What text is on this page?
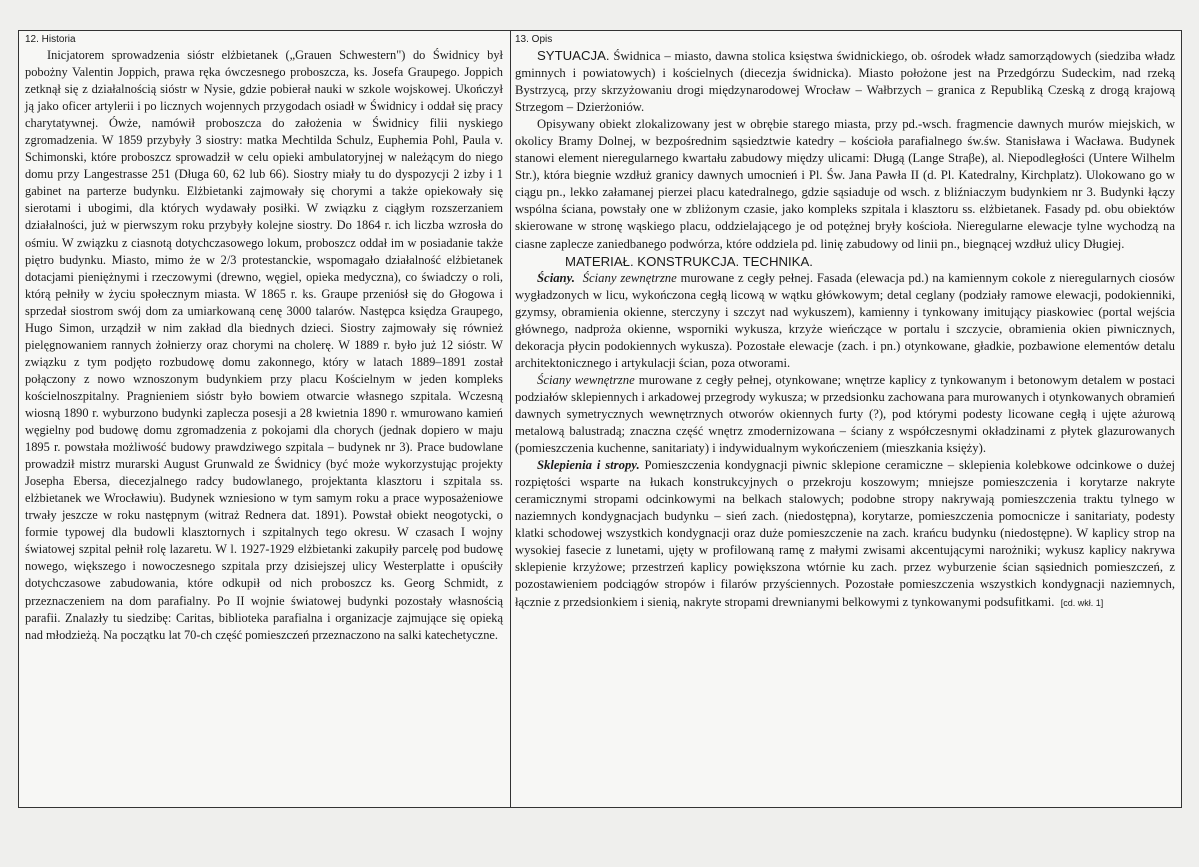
12. Historia

Inicjatorem sprowadzenia sióstr elżbietanek („Grauen Schwestern") do Świdnicy był pobożny Valentin Joppich, prawa ręka ówczesnego proboszcza, ks. Josefa Graupego. Joppich zetknął się z działalnością sióstr w Nysie, gdzie pobierał nauki w szkole wojskowej. Ukończył ją jako oficer artylerii i po licznych wojennych przygodach osiadł w Świdnicy i oddał się pracy charytatywnej. Ówże, namówił proboszcza do założenia w Świdnicy filii nyskiego zgromadzenia. W 1859 przybyły 3 siostry: matka Mechtilda Schulz, Euphemia Pohl, Paula v. Schimonski, które proboszcz sprowadził w celu opieki ambulatoryjnej w należącym do niego domu przy Langestrasse 251 (Długa 60, 62 lub 66). Siostry miały tu do dyspozycji 2 izby i 1 gabinet na parterze budynku. Elżbietanki zajmowały się chorymi a także opiekowały się sierotami i ubogimi, dla których wydawały posiłki. W związku z ciągłym rozszerzaniem działalności, już w pierwszym roku przybyły kolejne siostry. Do 1864 r. ich liczba wzrosła do ośmiu. W związku z ciasnotą dotychczasowego lokum, proboszcz oddał im w posiadanie także piętro budynku. Miasto, mimo że w 2/3 protestanckie, wspomagało działalność elżbietanek dotacjami pieniężnymi i rzeczowymi (drewno, węgiel, opieka medyczna), co świadczy o roli, którą pełniły w życiu społecznym miasta. W 1865 r. ks. Graupe przeniósł się do Głogowa i sprzedał siostrom swój dom za umiarkowaną cenę 3000 talarów. Następca księdza Graupego, Hugo Simon, urządził w nim zakład dla biednych dzieci. Siostry zajmowały się również pielęgnowaniem rannych żołnierzy oraz chorymi na cholerę. W 1889 r. było już 12 sióstr. W związku z tym podjęto rozbudowę domu zakonnego, który w latach 1889–1891 został połączony z nowo wznoszonym budynkiem przy placu Kościelnym w jeden kompleks kościelnoszpitalny. Pragnieniem sióstr było bowiem otwarcie własnego szpitala. Wczesną wiosną 1890 r. wyburzono budynki zaplecza posesji a 28 kwietnia 1890 r. wmurowano kamień węgielny pod budowę domu zgromadzenia z pokojami dla chorych (jednak dopiero w maju 1895 r. powstała możliwość budowy prawdziwego szpitala – budynek nr 3). Prace budowlane prowadził mistrz murarski August Grunwald ze Świdnicy (być może wykorzystując projekty Josepha Ebersa, diecezjalnego radcy budowlanego, projektanta klasztoru i szpitala ss. elżbietanek we Wrocławiu). Budynek wzniesiono w tym samym roku a prace wyposażeniowe trwały jeszcze w roku następnym (witraż Rednera dat. 1891). Powstał obiekt neogotycki, o formie typowej dla budowli klasztornych i szpitalnych tego okresu. W czasach I wojny światowej szpital pełnił rolę lazaretu. W l. 1927-1929 elżbietanki zakupiły parcelę pod budowę nowego, większego i nowoczesnego szpitala przy dzisiejszej ulicy Westerplatte i opuściły dotychczasowe zabudowania, które odkupił od nich proboszcz ks. Georg Schmidt, z przeznaczeniem na dom parafialny. Po II wojnie światowej budynki pozostały własnością parafii. Znalazły tu siedzibę: Caritas, biblioteka parafialna i organizacje zajmujące się opieką nad młodzieżą. Na początku lat 70-ch część pomieszczeń przeznaczono na salki katechetyczne.

13. Opis

SYTUACJA. Świdnica – miasto, dawna stolica księstwa świdnickiego, ob. ośrodek władz samorządowych (siedziba władz gminnych i powiatowych) i kościelnych (diecezja świdnicka). Miasto położone jest na Przedgórzu Sudeckim, nad rzeką Bystrzycą, przy skrzyżowaniu drogi międzynarodowej Wrocław – Wałbrzych – granica z Republiką Czeską z drogą krajową Strzegom – Dzierżoniów.

Opisywany obiekt zlokalizowany jest w obrębie starego miasta, przy pd.-wsch. fragmencie dawnych murów miejskich, w okolicy Bramy Dolnej, w bezpośrednim sąsiedztwie katedry – kościoła parafialnego św.św. Stanisława i Wacława. Budynek stanowi element nieregularnego kwartału zabudowy między ulicami: Długą (Lange Straβe), al. Niepodległości (Untere Wilhelm Str.), która biegnie wzdłuż granicy dawnych umocnień i Pl. Św. Jana Pawła II (d. Pl. Katedralny, Kirchplatz). Ulokowano go w ciągu pn., lekko załamanej pierzei placu katedralnego, gdzie sąsiaduje od wsch. z bliźniaczym budynkiem nr 3. Budynki łączy wspólna ściana, powstały one w zbliżonym czasie, jako kompleks szpitala i klasztoru ss. elżbietanek. Fasady pd. obu obiektów skierowane w stronę wąskiego placu, oddzielającego je od potężnej bryły kościoła. Nieregularne elewacje tylne wychodzą na ciasne zaplecze zaniedbanego podwórza, które oddziela pd. linię zabudowy od linii pn., biegnącej wzdłuż ulicy Długiej.

MATERIAŁ. KONSTRUKCJA. TECHNIKA.

Ściany. Ściany zewnętrzne murowane z cegły pełnej. Fasada (elewacja pd.) na kamiennym cokole z nieregularnych ciosów wygładzonych w licu, wykończona cegłą licową w wątku główkowym; detal ceglany (podziały ramowe elewacji, podokienniki, gzymsy, obramienia okienne, sterczyny i szczyt nad wykuszem), kamienny i tynkowany imitujący piaskowiec (portal wejścia głównego, nadproża okienne, wsporniki wykusza, krzyże wieńczące w portalu i szczycie, obramienia okien piwnicznych, dekoracja płycin podokiennych wykusza). Pozostałe elewacje (zach. i pn.) otynkowane, gładkie, pozbawione elementów detalu architektonicznego i artykulacji ścian, poza otworami.

Ściany wewnętrzne murowane z cegły pełnej, otynkowane; wnętrze kaplicy z tynkowanym i betonowym detalem w postaci podziałów sklepiennych i arkadowej przegrody wykusza; w przedsionku zachowana para murowanych i otynkowanych obramień dawnych symetrycznych wewnętrznych otworów okiennych furty (?), pod którymi podesty licowane cegłą i ujęte ażurową metalową balustradą; znaczna część wnętrz zmodernizowana – ściany z współczesnymi okładzinami z płytek glazurowanych (pomieszczenia kuchenne, sanitariaty) i indywidualnym wykończeniem (mieszkania księży).

Sklepienia i stropy. Pomieszczenia kondygnacji piwnic sklepione ceramiczne – sklepienia kolebkowe odcinkowe o dużej rozpiętości wsparte na łukach konstrukcyjnych o przekroju koszowym; mniejsze pomieszczenia i korytarze nakryte ceramicznymi stropami odcinkowymi na belkach stalowych; podobne stropy nakrywają pomieszczenia traktu tylnego w naziemnych kondygnacjach budynku – sień zach. (niedostępna), korytarze, pomieszczenia pomocnicze i sanitariaty, podesty klatki schodowej wszystkich kondygnacji oraz duże pomieszczenie na zach. krańcu budynku (niedostępne). W kaplicy strop na wysokiej fasecie z lunetami, ujęty w profilowaną ramę z małymi zwisami akcentującymi narożniki; wykusz kaplicy nakrywa sklepienie krzyżowe; przestrzeń kaplicy powiększona wtórnie ku zach. przez wyburzenie ścian sąsiednich pomieszczeń, z pozostawieniem podciągów stropów i filarów przyściennych. Pozostałe pomieszczenia wszystkich kondygnacji naziemnych, łącznie z przedsionkiem i sienią, nakryte stropami drewnianymi belkowymi z tynkowanymi podsufitkami. [cd. wkł. 1]
